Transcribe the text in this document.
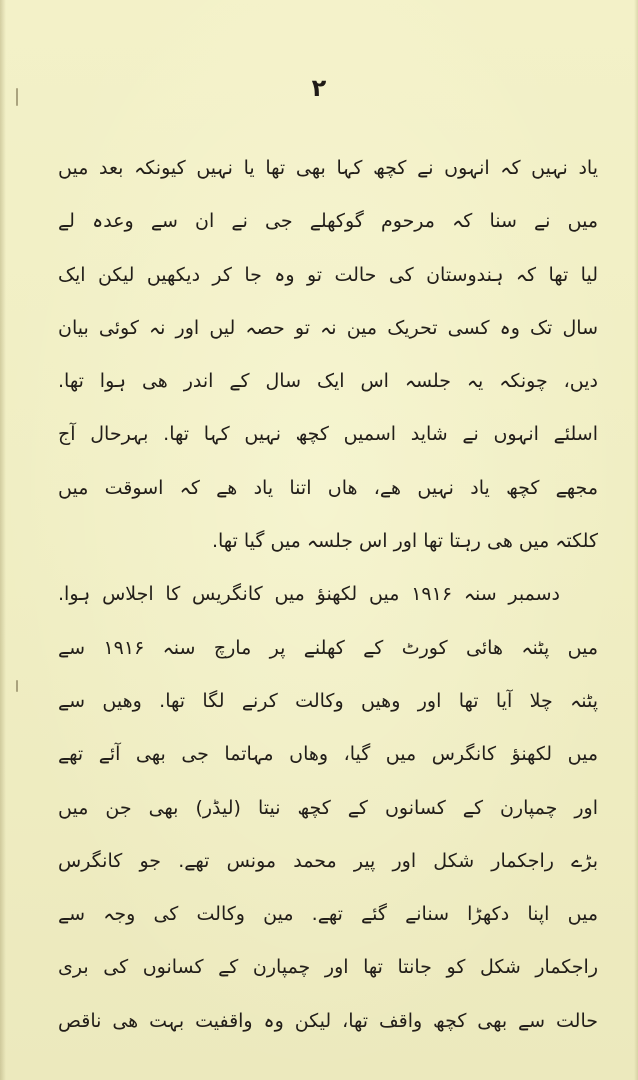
۲
یاد نہیں کہ انہوں نے کچھ کہا بھی تھا یا نہیں کیونکہ بعد میں
میں نے سنا کہ مرحوم گوکھلے جی نے ان سے وعدہ لے
لیا تھا کہ ہندوستان کی حالت تو وہ جا کر دیکھیں لیکن ایک
سال تک وہ کسی تحریک مین نہ تو حصہ لیں اور نہ کوئی بیان
دیں، چونکہ یہ جلسہ اس ایک سال کے اندر ھی ہوا تھا.
اسلئے انہوں نے شاید اسمیں کچھ نہیں کہا تھا. بہرحال آج
مجھے کچھ یاد نہیں ھے، ھاں اتنا یاد ھے کہ اسوقت میں
کلکتہ میں ھی رہتا تھا اور اس جلسہ میں گیا تھا.
دسمبر سنہ ۱۹۱۶ میں لکھنؤ میں کانگریس کا اجلاس ہوا.
میں پٹنہ ھائی کورٹ کے کھلنے پر مارچ سنہ ۱۹۱۶ سے
پٹنہ چلا آیا تھا اور وھیں وکالت کرنے لگا تھا. وھیں سے
میں لکھنؤ کانگرس میں گیا، وھاں مہاتما جی بھی آئے تھے
اور چمپارن کے کسانوں کے کچھ نیتا (لیڈر) بھی جن میں
بڑے راجکمار شکل اور پیر محمد مونس تھے. جو کانگرس
میں اپنا دکھڑا سنانے گئے تھے. مین وکالت کی وجہ سے
راجکمار شکل کو جانتا تھا اور چمپارن کے کسانوں کی بری
حالت سے بھی کچھ واقف تھا، لیکن وہ واقفیت بہت ھی ناقص
